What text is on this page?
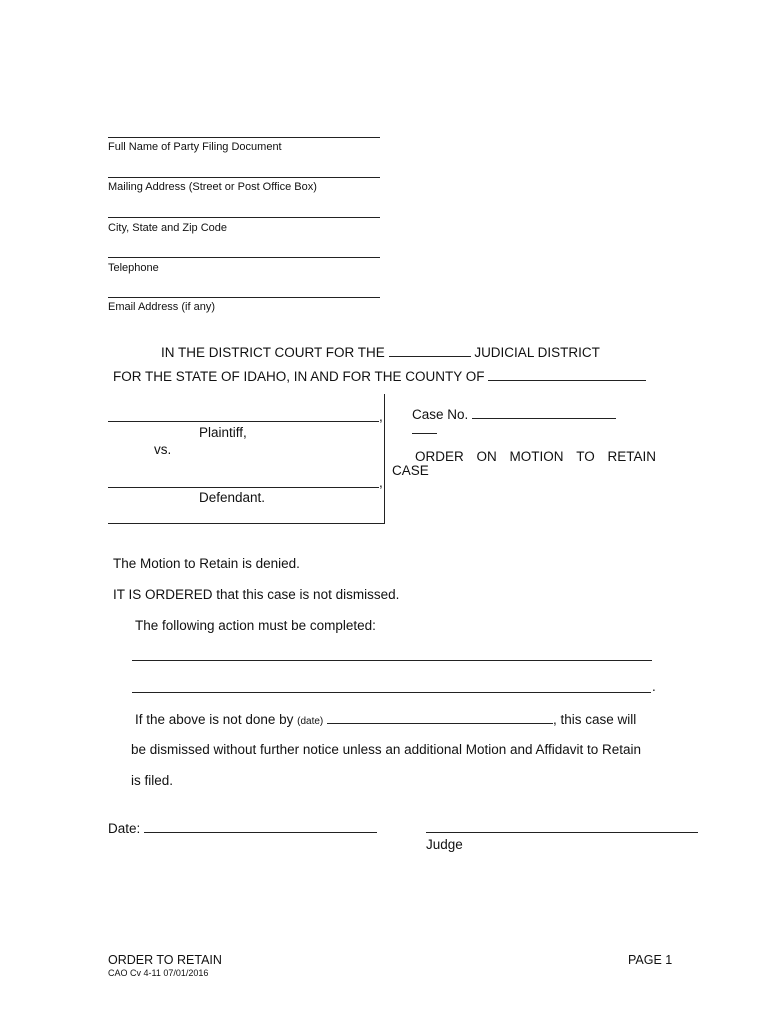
Full Name of Party Filing Document
Mailing Address (Street or Post Office Box)
City, State and Zip Code
Telephone
Email Address (if any)
IN THE DISTRICT COURT FOR THE	JUDICIAL DISTRICT
FOR THE STATE OF IDAHO, IN AND FOR THE COUNTY OF
,
Plaintiff,
vs.
,
Defendant.
Case No.
ORDER ON MOTION TO RETAIN
CASE
The Motion to Retain is denied.
IT IS ORDERED that this case is not dismissed.
The following action must be completed:
.
If the above is not done by (date)	, this case will
be dismissed without further notice unless an additional Motion and Affidavit to Retain
is filed.
Date:
Judge
ORDER TO RETAIN
CAO Cv 4-11 07/01/2016
PAGE 1
